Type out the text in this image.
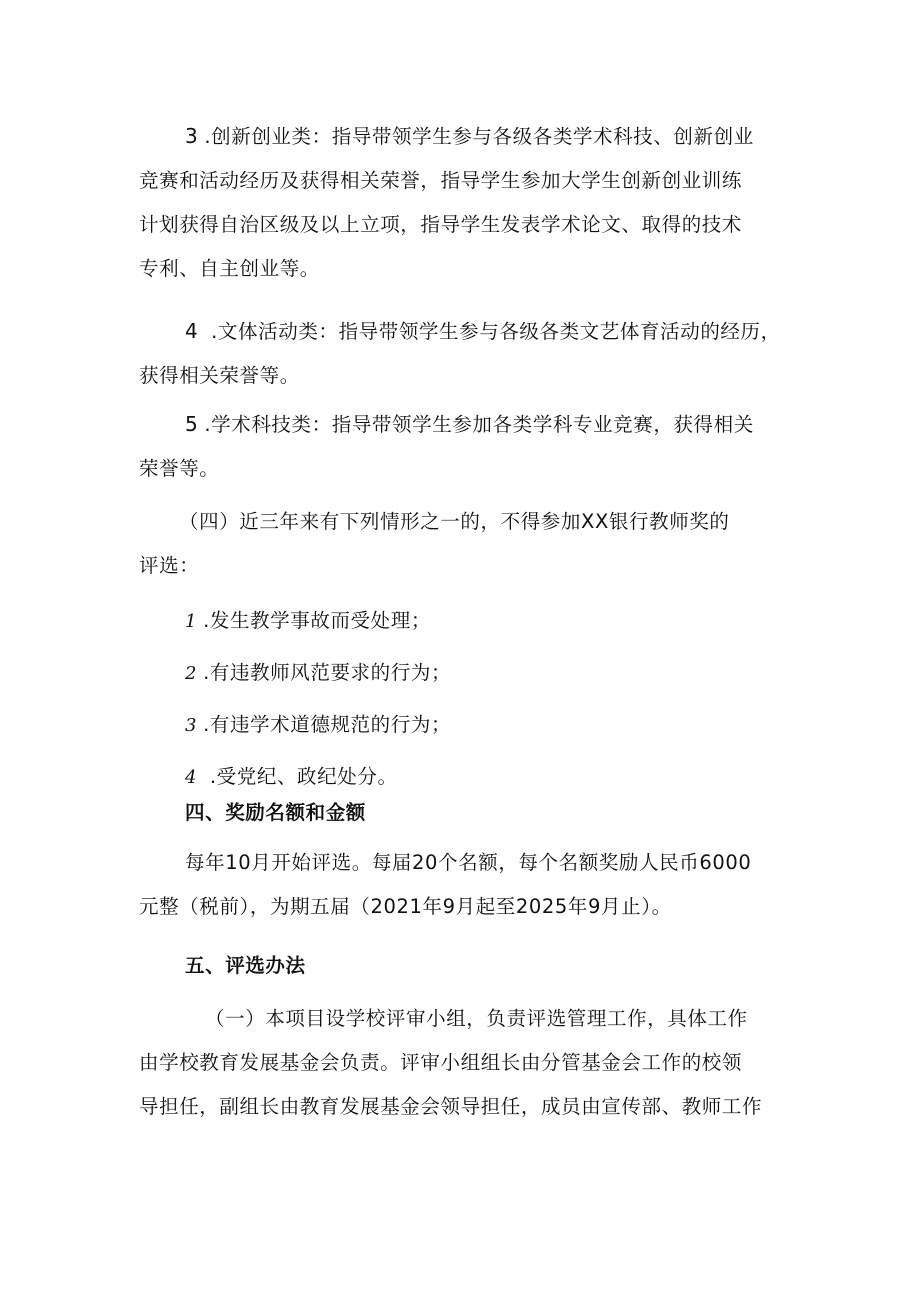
3 .创新创业类：指导带领学生参与各级各类学术科技、创新创业
竞赛和活动经历及获得相关荣誉，指导学生参加大学生创新创业训练
计划获得自治区级及以上立项，指导学生发表学术论文、取得的技术
专利、自主创业等。
4 .文体活动类：指导带领学生参与各级各类文艺体育活动的经历，
获得相关荣誉等。
5 .学术科技类：指导带领学生参加各类学科专业竞赛，获得相关
荣誉等。
（四）近三年来有下列情形之一的，不得参加XX银行教师奖的
评选：
1 .发生教学事故而受处理；
2 .有违教师风范要求的行为；
3 .有违学术道德规范的行为；
4 .受党纪、政纪处分。
四、奖励名额和金额
每年10月开始评选。每届20个名额，每个名额奖励人民币6000
元整（税前），为期五届（2021年9月起至2025年9月止）。
五、评选办法
（一）本项目设学校评审小组，负责评选管理工作，具体工作
由学校教育发展基金会负责。评审小组组长由分管基金会工作的校领
导担任，副组长由教育发展基金会领导担任，成员由宣传部、教师工作
